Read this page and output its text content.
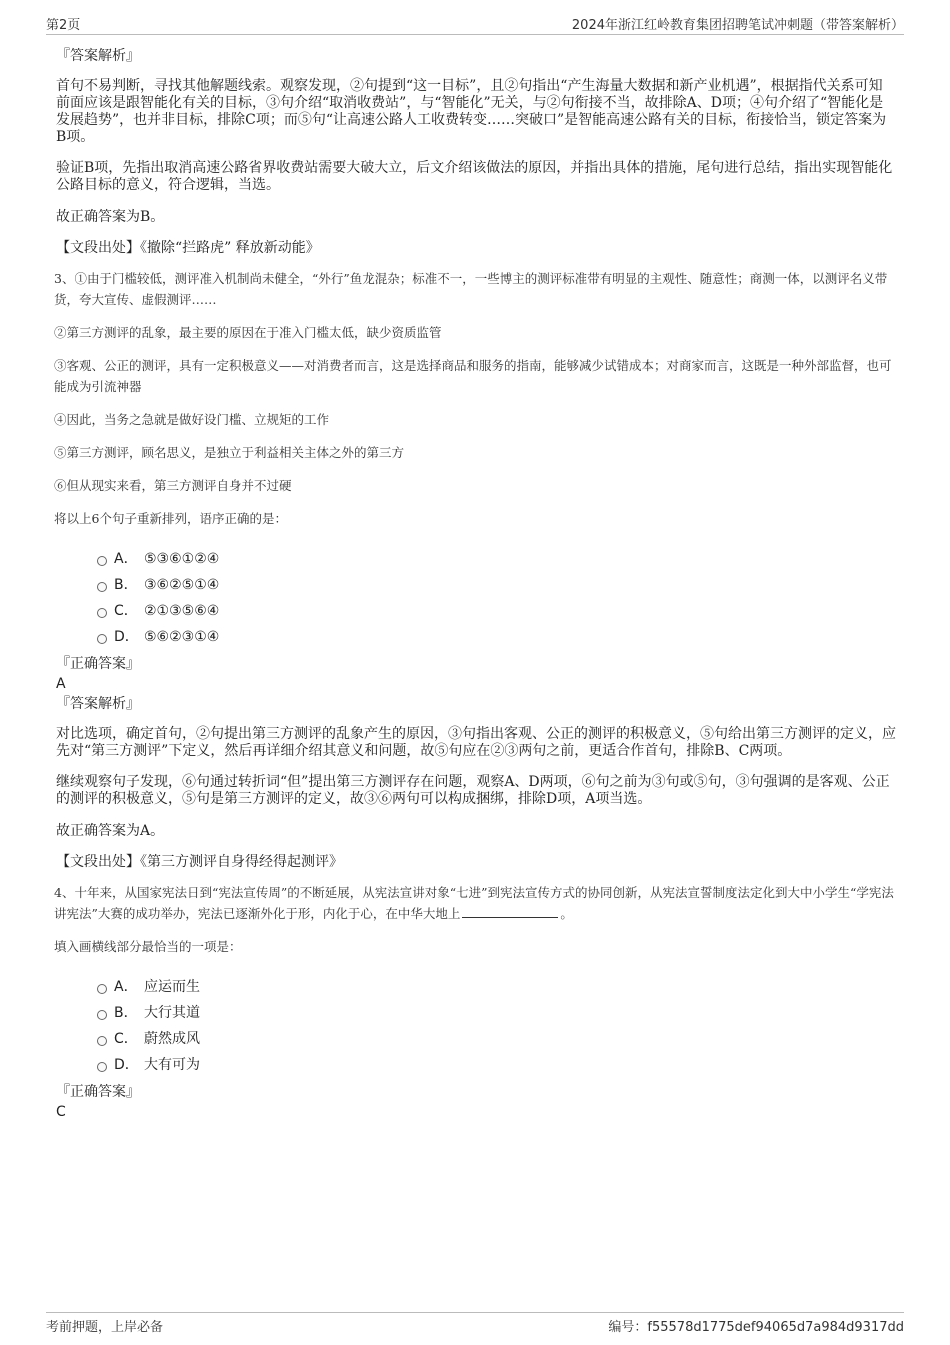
第2页	2024年浙江红岭教育集团招聘笔试冲刺题（带答案解析）

『答案解析』

首句不易判断，寻找其他解题线索。观察发现，②句提到“这一目标”，且②句指出“产生海量大数据和新产业机遇”，根据指代关系可知前面应该是跟智能化有关的目标，③句介绍“取消收费站”，与“智能化”无关，与②句衔接不当，故排除A、D项；④句介绍了“智能化是发展趋势”，也并非目标，排除C项；而⑤句“让高速公路人工收费转变……突破口”是智能高速公路有关的目标，衔接恰当，锁定答案为B项。

验证B项，先指出取消高速公路省界收费站需要大破大立，后文介绍该做法的原因，并指出具体的措施，尾句进行总结，指出实现智能化公路目标的意义，符合逻辑，当选。

故正确答案为B。

【文段出处】《撤除“拦路虎” 释放新动能》

3、①由于门槛较低，测评准入机制尚未健全，“外行”鱼龙混杂；标准不一，一些博主的测评标准带有明显的主观性、随意性；商测一体，以测评名义带货，夸大宣传、虚假测评……

②第三方测评的乱象，最主要的原因在于准入门槛太低，缺少资质监管

③客观、公正的测评，具有一定积极意义——对消费者而言，这是选择商品和服务的指南，能够减少试错成本；对商家而言，这既是一种外部监督，也可能成为引流神器

④因此，当务之急就是做好设门槛、立规矩的工作

⑤第三方测评，顾名思义，是独立于利益相关主体之外的第三方

⑥但从现实来看，第三方测评自身并不过硬

将以上6个句子重新排列，语序正确的是：

A． ⑤③⑥①②④
B． ③⑥②⑤①④
C． ②①③⑤⑥④
D． ⑤⑥②③①④

『正确答案』

A

『答案解析』

对比选项，确定首句，②句提出第三方测评的乱象产生的原因，③句指出客观、公正的测评的积极意义，⑤句给出第三方测评的定义，应先对“第三方测评”下定义，然后再详细介绍其意义和问题，故⑤句应在②③两句之前，更适合作首句，排除B、C两项。

继续观察句子发现，⑥句通过转折词“但”提出第三方测评存在问题，观察A、D两项，⑥句之前为③句或⑤句，③句强调的是客观、公正的测评的积极意义，⑤句是第三方测评的定义，故③⑥两句可以构成捆绑，排除D项，A项当选。

故正确答案为A。

【文段出处】《第三方测评自身得经得起测评》

4、十年来，从国家宪法日到“宪法宣传周”的不断延展，从宪法宣讲对象“七进”到宪法宣传方式的协同创新，从宪法宣誓制度法定化到大中小学生“学宪法讲宪法”大赛的成功举办，宪法已逐渐外化于形，内化于心，在中华大地上	。

填入画横线部分最恰当的一项是：

A． 应运而生
B． 大行其道
C． 蔚然成风
D． 大有可为

『正确答案』

C

考前押题，上岸必备	编号：f55578d1775def94065d7a984d9317dd
